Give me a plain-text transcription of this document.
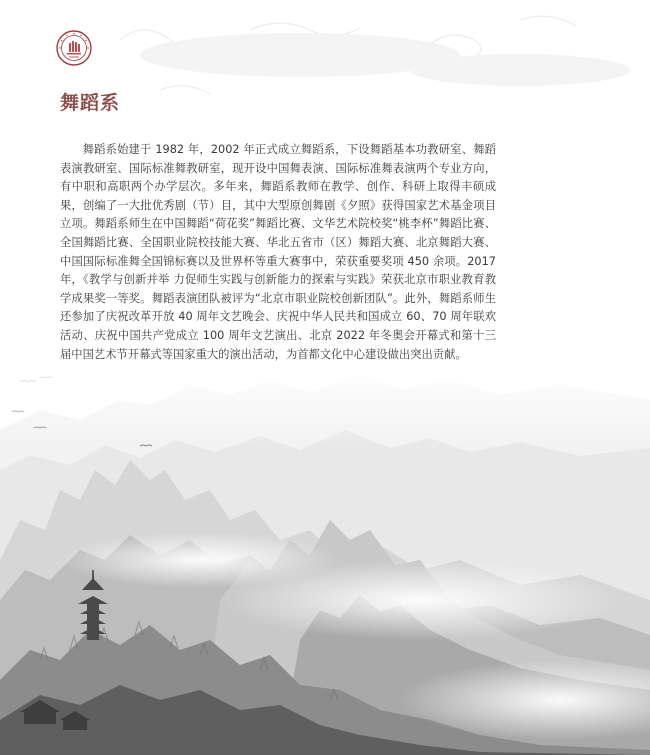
舞蹈系

舞蹈系始建于 1982 年，2002 年正式成立舞蹈系，下设舞蹈基本功教研室、舞蹈表演教研室、国际标准舞教研室，现开设中国舞表演、国际标准舞表演两个专业方向，有中职和高职两个办学层次。多年来，舞蹈系教师在教学、创作、科研上取得丰硕成果，创编了一大批优秀剧（节）目，其中大型原创舞剧《夕照》获得国家艺术基金项目立项。舞蹈系师生在中国舞蹈“荷花奖”舞蹈比赛、文华艺术院校奖“桃李杯”舞蹈比赛、全国舞蹈比赛、全国职业院校技能大赛、华北五省市（区）舞蹈大赛、北京舞蹈大赛、中国国际标准舞全国锦标赛以及世界杯等重大赛事中，荣获重要奖项 450 余项。2017 年，《教学与创新并举 力促师生实践与创新能力的探索与实践》荣获北京市职业教育教学成果奖一等奖。舞蹈表演团队被评为“北京市职业院校创新团队”。此外，舞蹈系师生还参加了庆祝改革开放 40 周年文艺晚会、庆祝中华人民共和国成立 60、70 周年联欢活动、庆祝中国共产党成立 100 周年文艺演出、北京 2022 年冬奥会开幕式和第十三届中国艺术节开幕式等国家重大的演出活动，为首都文化中心建设做出突出贡献。
